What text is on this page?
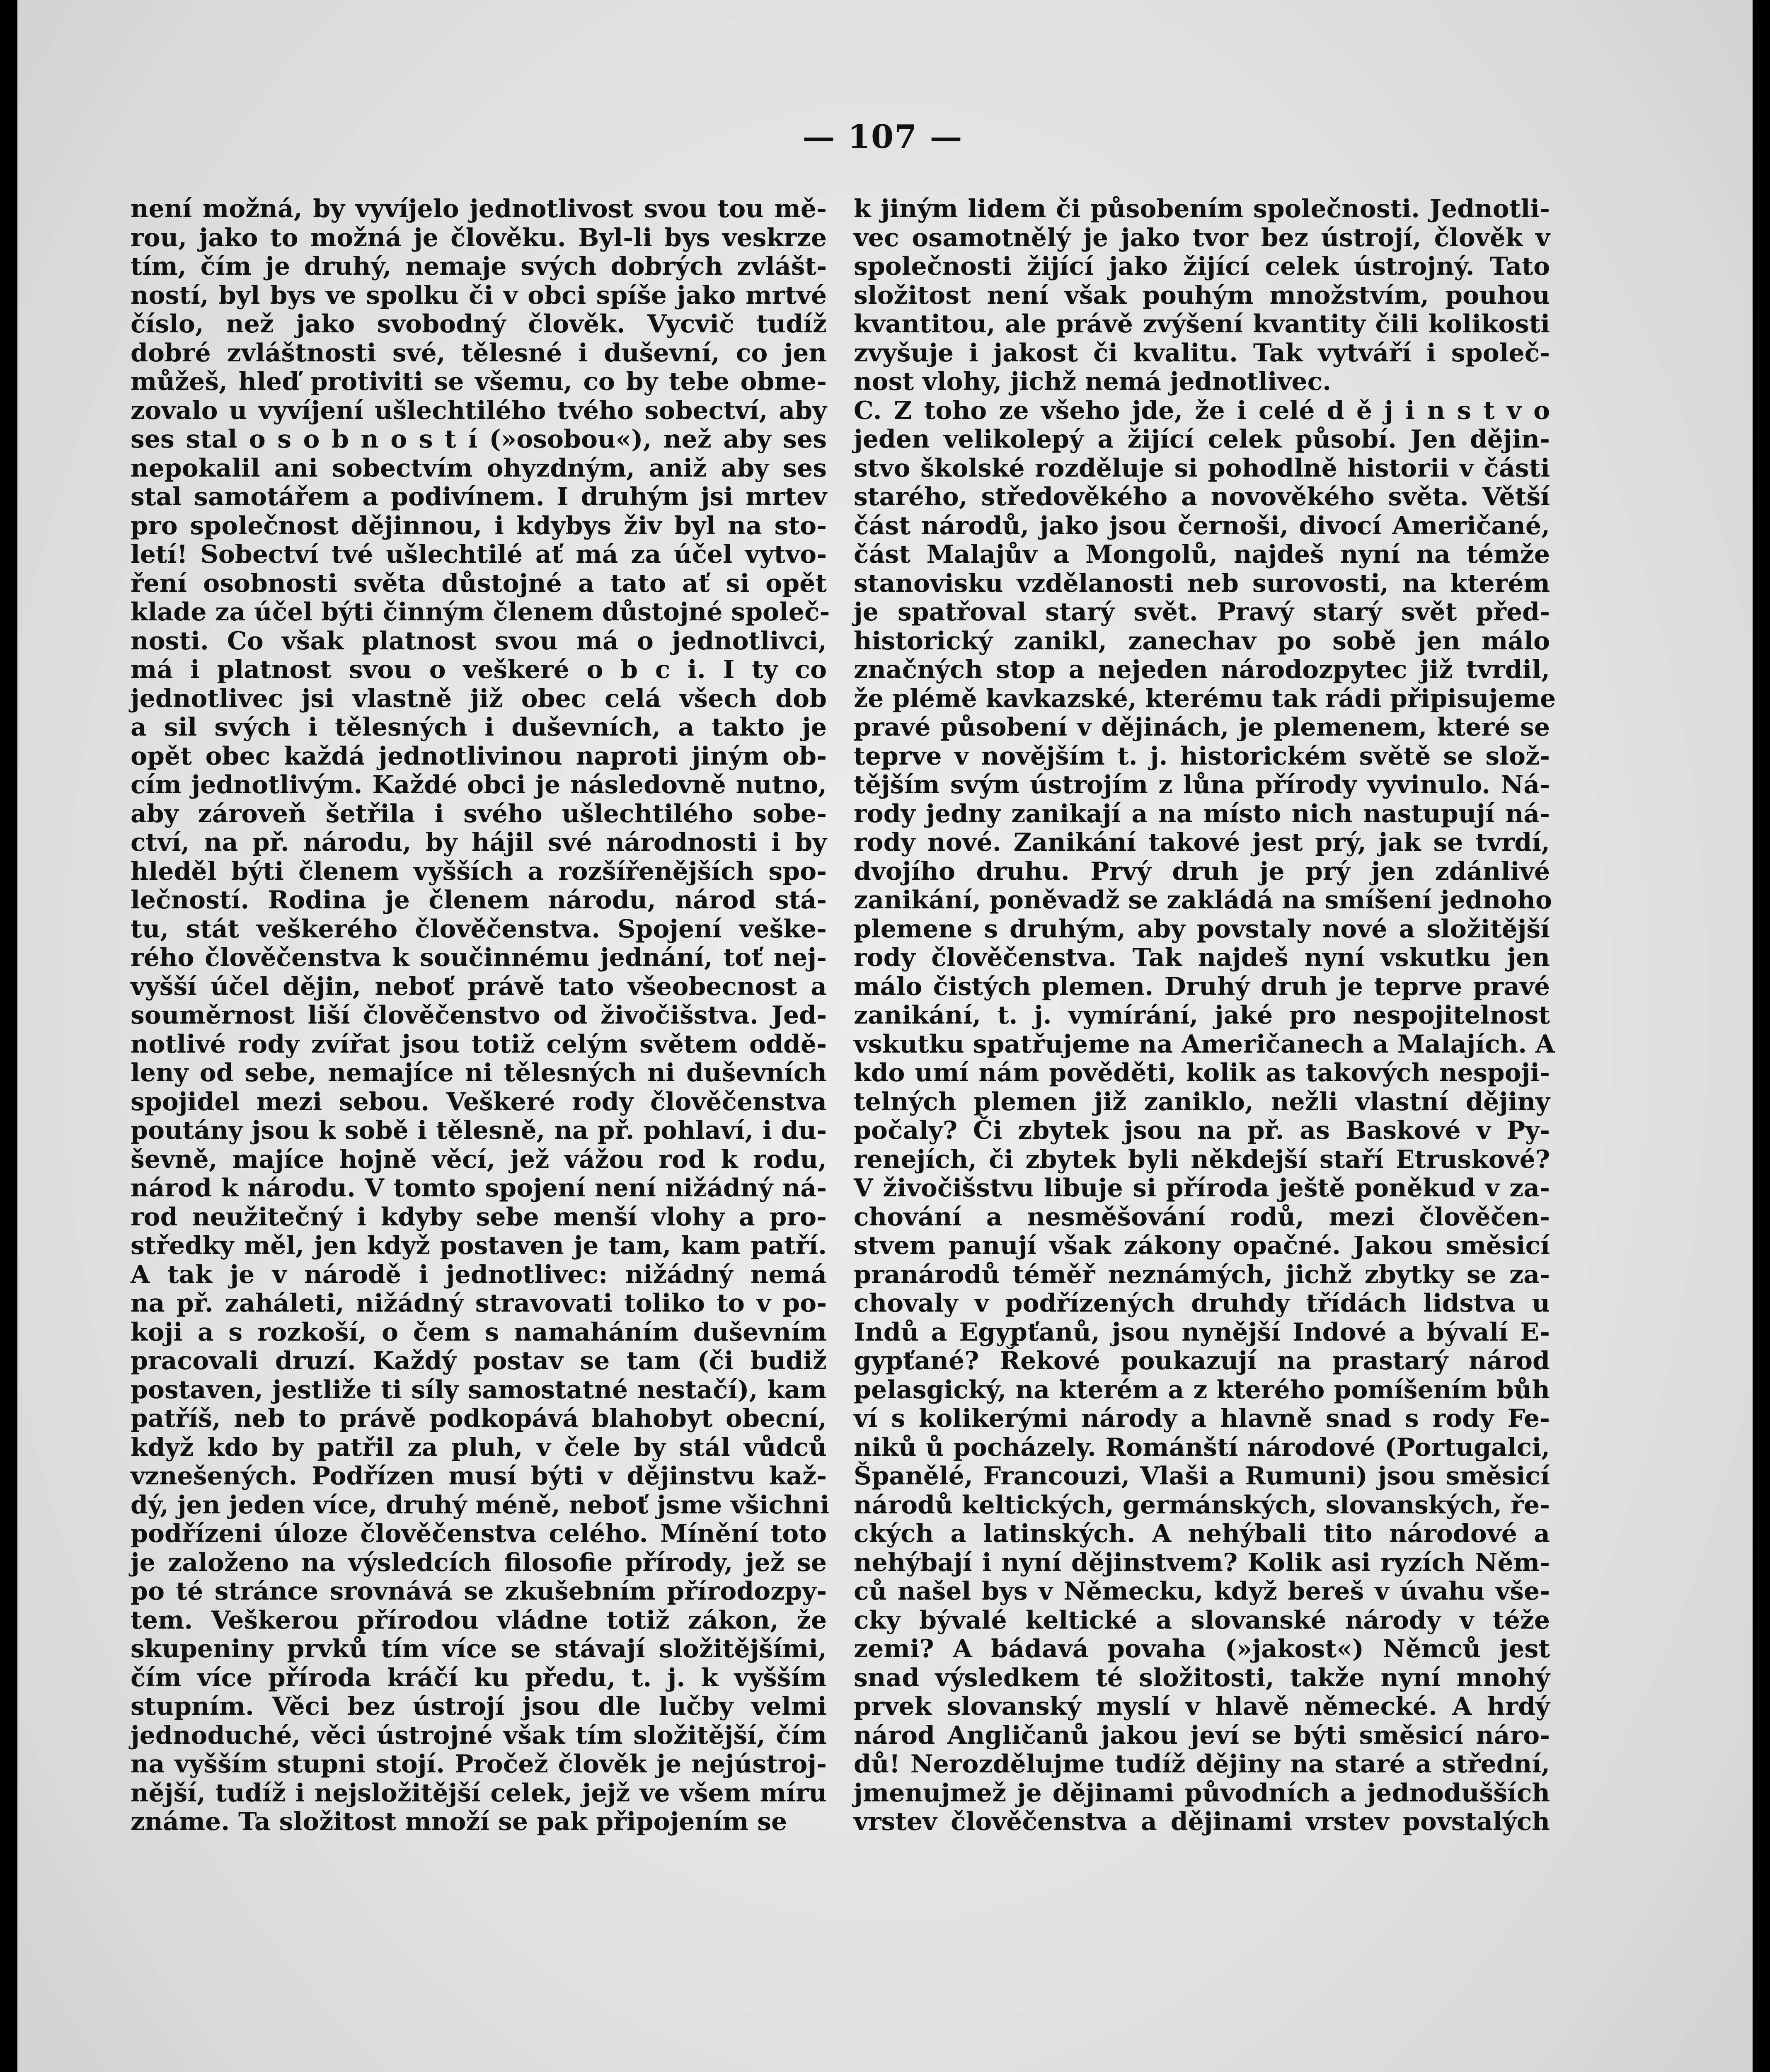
— 107 —
není možná, by vyvíjelo jednotlivost svou tou mě-
rou, jako to možná je člověku. Byl-li bys veskrze
tím, čím je druhý, nemaje svých dobrých zvlášt-
ností, byl bys ve spolku či v obci spíše jako mrtvé
číslo, než jako svobodný člověk. Vycvič tudíž
dobré zvláštnosti své, tělesné i duševní, co jen
můžeš, hleď protiviti se všemu, co by tebe obme-
zovalo u vyvíjení ušlechtilého tvého sobectví, aby
ses stal o s o b n o s t í (»osobou«), než aby ses
nepokalil ani sobectvím ohyzdným, aniž aby ses
stal samotářem a podivínem. I druhým jsi mrtev
pro společnost dějinnou, i kdybys živ byl na sto-
letí! Sobectví tvé ušlechtilé ať má za účel vytvo-
ření osobnosti světa důstojné a tato ať si opět
klade za účel býti činným členem důstojné společ-
nosti. Co však platnost svou má o jednotlivci,
má i platnost svou o veškeré o b c i. I ty co
jednotlivec jsi vlastně již obec celá všech dob
a sil svých i tělesných i duševních, a takto je
opět obec každá jednotlivinou naproti jiným ob-
cím jednotlivým. Každé obci je následovně nutno,
aby zároveň šetřila i svého ušlechtilého sobe-
ctví, na př. národu, by hájil své národnosti i by
hleděl býti členem vyšších a rozšířenějších spo-
lečností. Rodina je členem národu, národ stá-
tu, stát veškerého člověčenstva. Spojení veške-
rého člověčenstva k součinnému jednání, toť nej-
vyšší účel dějin, neboť právě tato všeobecnost a
souměrnost liší člověčenstvo od živočišstva. Jed-
notlivé rody zvířat jsou totiž celým světem oddě-
leny od sebe, nemajíce ni tělesných ni duševních
spojidel mezi sebou. Veškeré rody člověčenstva
poutány jsou k sobě i tělesně, na př. pohlaví, i du-
ševně, majíce hojně věcí, jež vážou rod k rodu,
národ k národu. V tomto spojení není nižádný ná-
rod neužitečný i kdyby sebe menší vlohy a pro-
středky měl, jen když postaven je tam, kam patří.
A tak je v národě i jednotlivec: nižádný nemá
na př. zaháleti, nižádný stravovati toliko to v po-
koji a s rozkoší, o čem s namaháním duševním
pracovali druzí. Každý postav se tam (či budiž
postaven, jestliže ti síly samostatné nestačí), kam
patříš, neb to právě podkopává blahobyt obecní,
když kdo by patřil za pluh, v čele by stál vůdců
vznešených. Podřízen musí býti v dějinstvu kaž-
dý, jen jeden více, druhý méně, neboť jsme všichni
podřízeni úloze člověčenstva celého. Mínění toto
je založeno na výsledcích filosofie přírody, jež se
po té stránce srovnává se zkušebním přírodozpy-
tem. Veškerou přírodou vládne totiž zákon, že
skupeniny prvků tím více se stávají složitějšími,
čím více příroda kráčí ku předu, t. j. k vyšším
stupním. Věci bez ústrojí jsou dle lučby velmi
jednoduché, věci ústrojné však tím složitější, čím
na vyšším stupni stojí. Pročež člověk je nejústroj-
nější, tudíž i nejsložitější celek, jejž ve všem míru
známe. Ta složitost množí se pak připojením se
k jiným lidem či působením společnosti. Jednotli-
vec osamotnělý je jako tvor bez ústrojí, člověk v
společnosti žijící jako žijící celek ústrojný. Tato
složitost není však pouhým množstvím, pouhou
kvantitou, ale právě zvýšení kvantity čili kolikosti
zvyšuje i jakost či kvalitu. Tak vytváří i společ-
nost vlohy, jichž nemá jednotlivec.
C. Z toho ze všeho jde, že i celé d ě j i n s t v o
jeden velikolepý a žijící celek působí. Jen dějin-
stvo školské rozděluje si pohodlně historii v části
starého, středověkého a novověkého světa. Větší
část národů, jako jsou černoši, divocí Američané,
část Malajův a Mongolů, najdeš nyní na témže
stanovisku vzdělanosti neb surovosti, na kterém
je spatřoval starý svět. Pravý starý svět před-
historický zanikl, zanechav po sobě jen málo
značných stop a nejeden národozpytec již tvrdil,
že plémě kavkazské, kterému tak rádi připisujeme
pravé působení v dějinách, je plemenem, které se
teprve v novějším t. j. historickém světě se slož-
tějším svým ústrojím z lůna přírody vyvinulo. Ná-
rody jedny zanikají a na místo nich nastupují ná-
rody nové. Zanikání takové jest prý, jak se tvrdí,
dvojího druhu. Prvý druh je prý jen zdánlivé
zanikání, poněvadž se zakládá na smíšení jednoho
plemene s druhým, aby povstaly nové a složitější
rody člověčenstva. Tak najdeš nyní vskutku jen
málo čistých plemen. Druhý druh je teprve pravé
zanikání, t. j. vymírání, jaké pro nespojitelnost
vskutku spatřujeme na Američanech a Malajích. A
kdo umí nám pověděti, kolik as takových nespoji-
telných plemen již zaniklo, nežli vlastní dějiny
počaly? Či zbytek jsou na př. as Baskové v Py-
renejích, či zbytek byli někdejší staří Etruskové?
V živočišstvu libuje si příroda ještě poněkud v za-
chování a nesměšování rodů, mezi člověčen-
stvem panují však zákony opačné. Jakou směsicí
pranárodů téměř neznámých, jichž zbytky se za-
chovaly v podřízených druhdy třídách lidstva u
Indů a Egypťanů, jsou nynější Indové a bývalí E-
gypťané? Řekové poukazují na prastarý národ
pelasgický, na kterém a z kterého pomíšením bůh
ví s kolikerými národy a hlavně snad s rody Fe-
niků ů pocházely. Románští národové (Portugalci,
Španělé, Francouzi, Vlaši a Rumuni) jsou směsicí
národů keltických, germánských, slovanských, ře-
ckých a latinských. A nehýbali tito národové a
nehýbají i nyní dějinstvem? Kolik asi ryzích Něm-
ců našel bys v Německu, když bereš v úvahu vše-
cky bývalé keltické a slovanské národy v téže
zemi? A bádavá povaha (»jakost«) Němců jest
snad výsledkem té složitosti, takže nyní mnohý
prvek slovanský myslí v hlavě německé. A hrdý
národ Angličanů jakou jeví se býti směsicí náro-
dů! Nerozdělujme tudíž dějiny na staré a střední,
jmenujmež je dějinami původních a jednodušších
vrstev člověčenstva a dějinami vrstev povstalých
